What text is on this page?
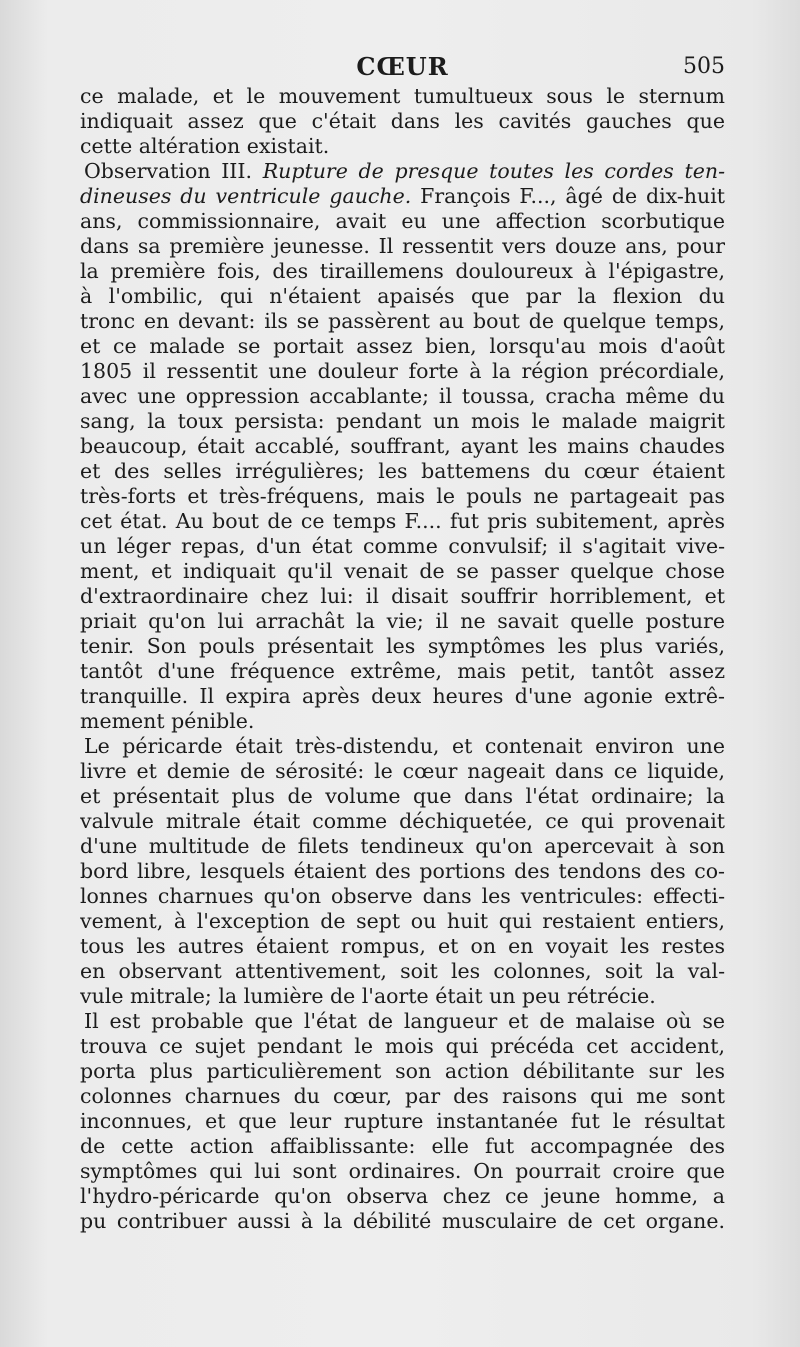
CŒUR	505
ce malade, et le mouvement tumultueux sous le sternum
indiquait assez que c'était dans les cavités gauches que
cette altération existait.
Observation III. Rupture de presque toutes les cordes ten-
dineuses du ventricule gauche. François F..., âgé de dix-huit
ans, commissionnaire, avait eu une affection scorbutique
dans sa première jeunesse. Il ressentit vers douze ans, pour
la première fois, des tiraillemens douloureux à l'épigastre,
à l'ombilic, qui n'étaient apaisés que par la flexion du
tronc en devant: ils se passèrent au bout de quelque temps,
et ce malade se portait assez bien, lorsqu'au mois d'août
1805 il ressentit une douleur forte à la région précordiale,
avec une oppression accablante; il toussa, cracha même du
sang, la toux persista: pendant un mois le malade maigrit
beaucoup, était accablé, souffrant, ayant les mains chaudes
et des selles irrégulières; les battemens du cœur étaient
très-forts et très-fréquens, mais le pouls ne partageait pas
cet état. Au bout de ce temps F.... fut pris subitement, après
un léger repas, d'un état comme convulsif; il s'agitait vive-
ment, et indiquait qu'il venait de se passer quelque chose
d'extraordinaire chez lui: il disait souffrir horriblement, et
priait qu'on lui arrachât la vie; il ne savait quelle posture
tenir. Son pouls présentait les symptômes les plus variés,
tantôt d'une fréquence extrême, mais petit, tantôt assez
tranquille. Il expira après deux heures d'une agonie extrê-
mement pénible.
Le péricarde était très-distendu, et contenait environ une
livre et demie de sérosité: le cœur nageait dans ce liquide,
et présentait plus de volume que dans l'état ordinaire; la
valvule mitrale était comme déchiquetée, ce qui provenait
d'une multitude de filets tendineux qu'on apercevait à son
bord libre, lesquels étaient des portions des tendons des co-
lonnes charnues qu'on observe dans les ventricules: effecti-
vement, à l'exception de sept ou huit qui restaient entiers,
tous les autres étaient rompus, et on en voyait les restes
en observant attentivement, soit les colonnes, soit la val-
vule mitrale; la lumière de l'aorte était un peu rétrécie.
Il est probable que l'état de langueur et de malaise où se
trouva ce sujet pendant le mois qui précéda cet accident,
porta plus particulièrement son action débilitante sur les
colonnes charnues du cœur, par des raisons qui me sont
inconnues, et que leur rupture instantanée fut le résultat
de cette action affaiblissante: elle fut accompagnée des
symptômes qui lui sont ordinaires. On pourrait croire que
l'hydro-péricarde qu'on observa chez ce jeune homme, a
pu contribuer aussi à la débilité musculaire de cet organe.
